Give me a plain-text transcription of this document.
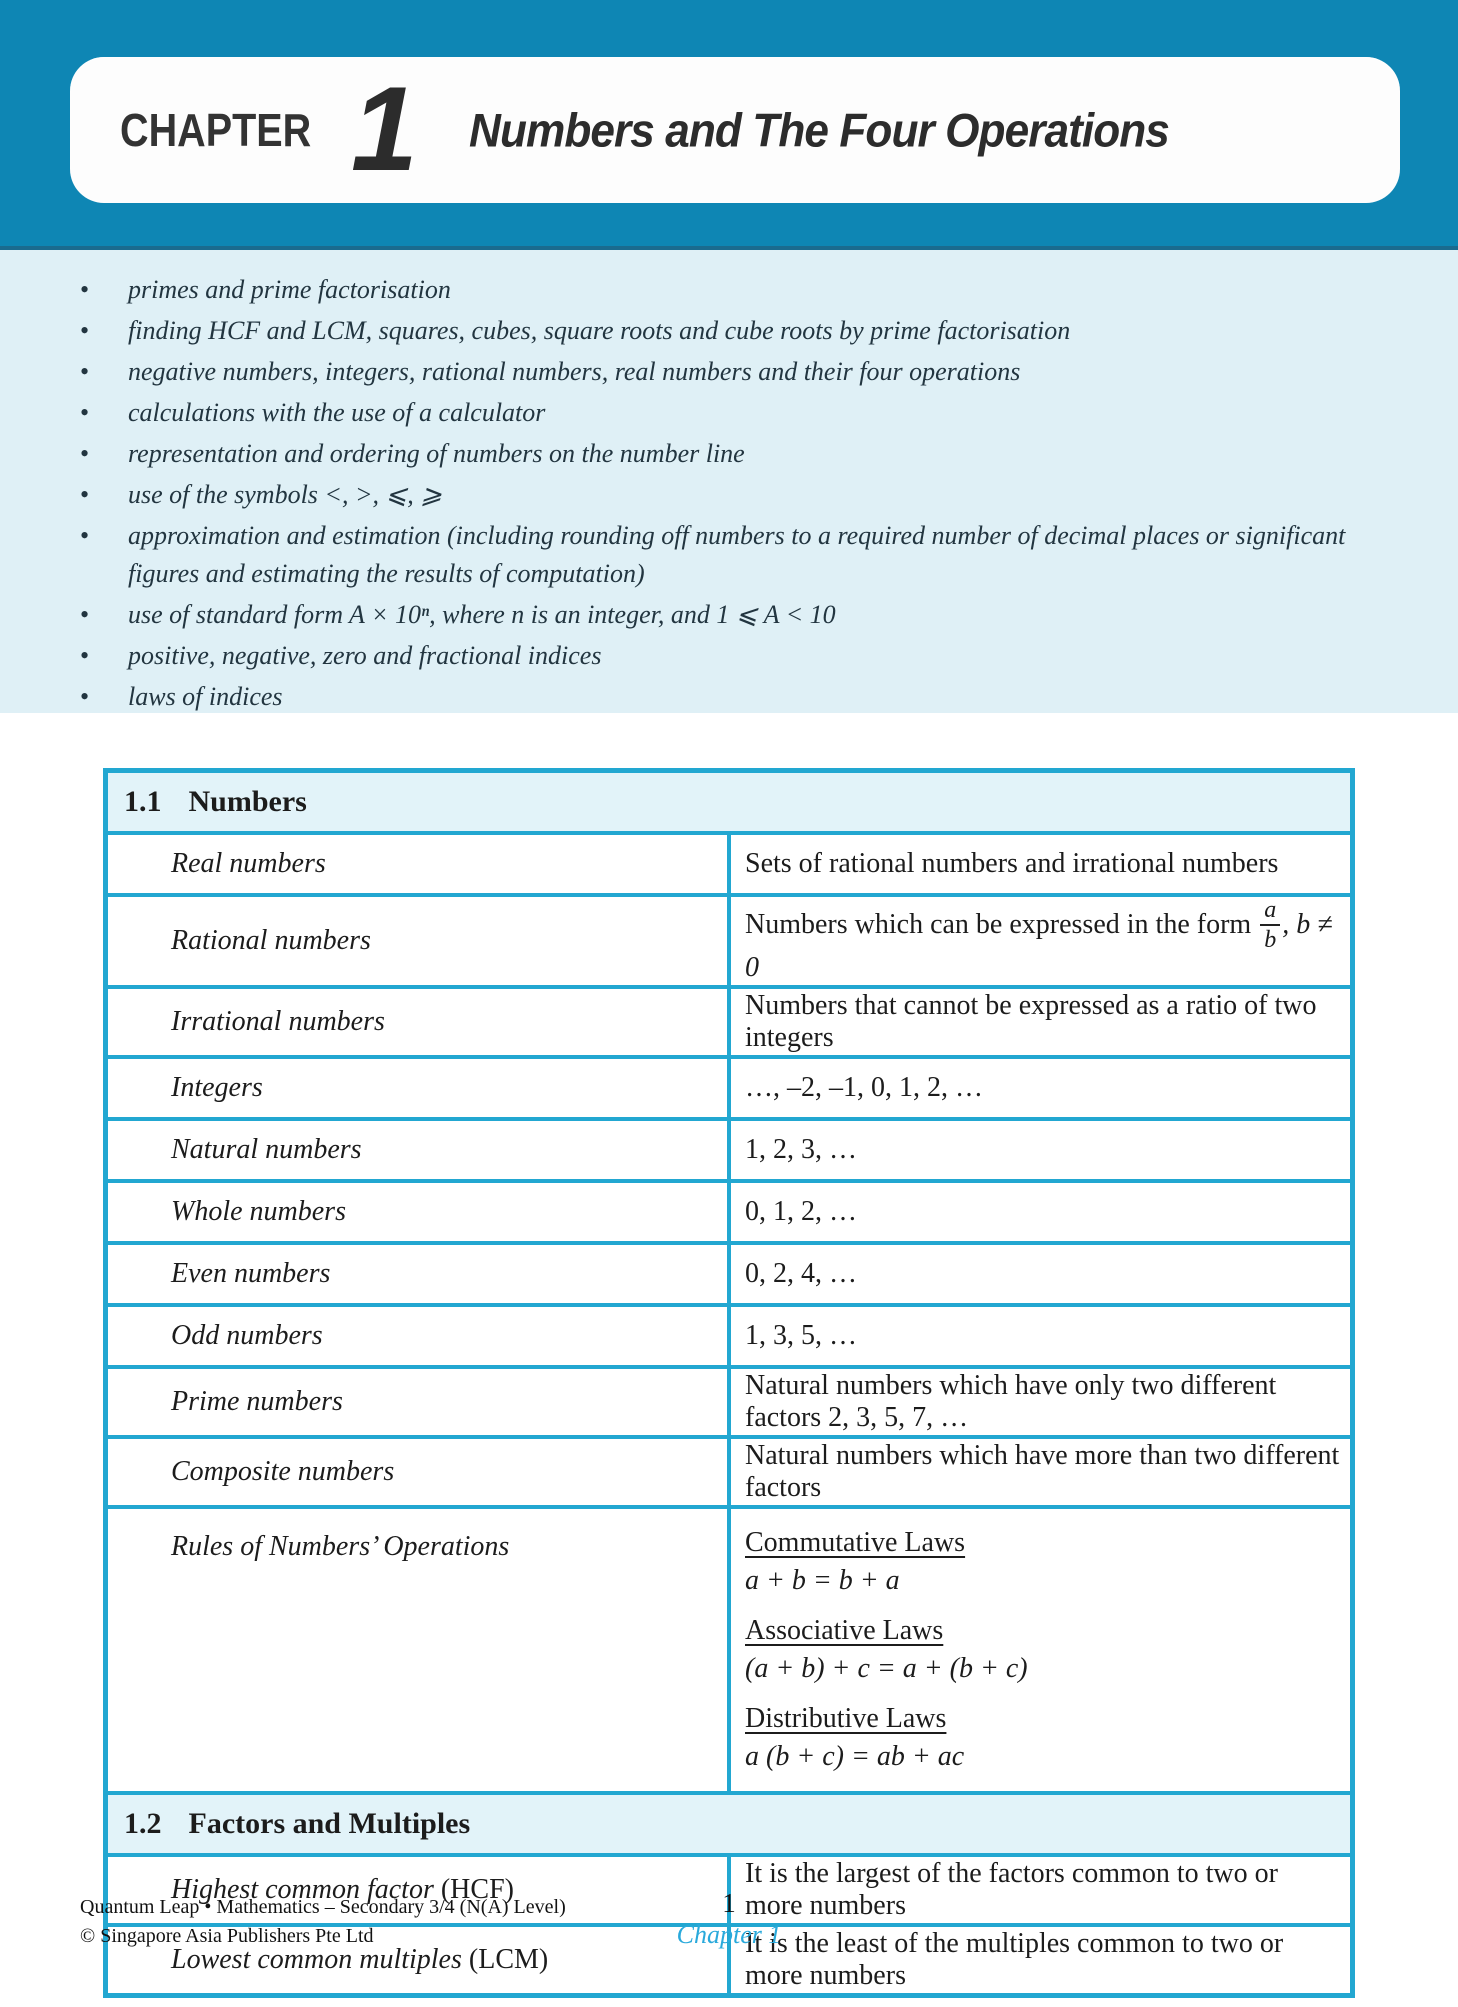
CHAPTER 1 Numbers and The Four Operations
• primes and prime factorisation
• finding HCF and LCM, squares, cubes, square roots and cube roots by prime factorisation
• negative numbers, integers, rational numbers, real numbers and their four operations
• calculations with the use of a calculator
• representation and ordering of numbers on the number line
• use of the symbols <, >, ⩽, ⩾
• approximation and estimation (including rounding off numbers to a required number of decimal places or significant figures and estimating the results of computation)
• use of standard form A × 10ⁿ, where n is an integer, and 1 ⩽ A < 10
• positive, negative, zero and fractional indices
• laws of indices
1.1 Numbers	
Real numbers	Sets of rational numbers and irrational numbers
Rational numbers	Numbers which can be expressed in the form $\frac{a}{b}$ , b ≠ 0
Irrational numbers	Numbers that cannot be expressed as a ratio of two integers
Integers	…, –2, –1, 0, 1, 2, …
Natural numbers	1, 2, 3, …
Whole numbers	0, 1, 2, …
Even numbers	0, 2, 4, …
Odd numbers	1, 3, 5, …
Prime numbers	Natural numbers which have only two different factors 2, 3, 5, 7, …
Composite numbers	Natural numbers which have more than two different factors
Rules of Numbers’ Operations	Commutative Laws
a + b = b + a
Associative Laws
(a + b) + c = a + (b + c)
Distributive Laws
a (b + c) = ab + ac

1.2 Factors and Multiples	
Highest common factor (HCF)	It is the largest of the factors common to two or more numbers
Lowest common multiples (LCM)	It is the least of the multiples common to two or more numbers
Quantum Leap • Mathematics – Secondary 3/4 (N(A) Level)
© Singapore Asia Publishers Pte Ltd
1
Chapter 1
